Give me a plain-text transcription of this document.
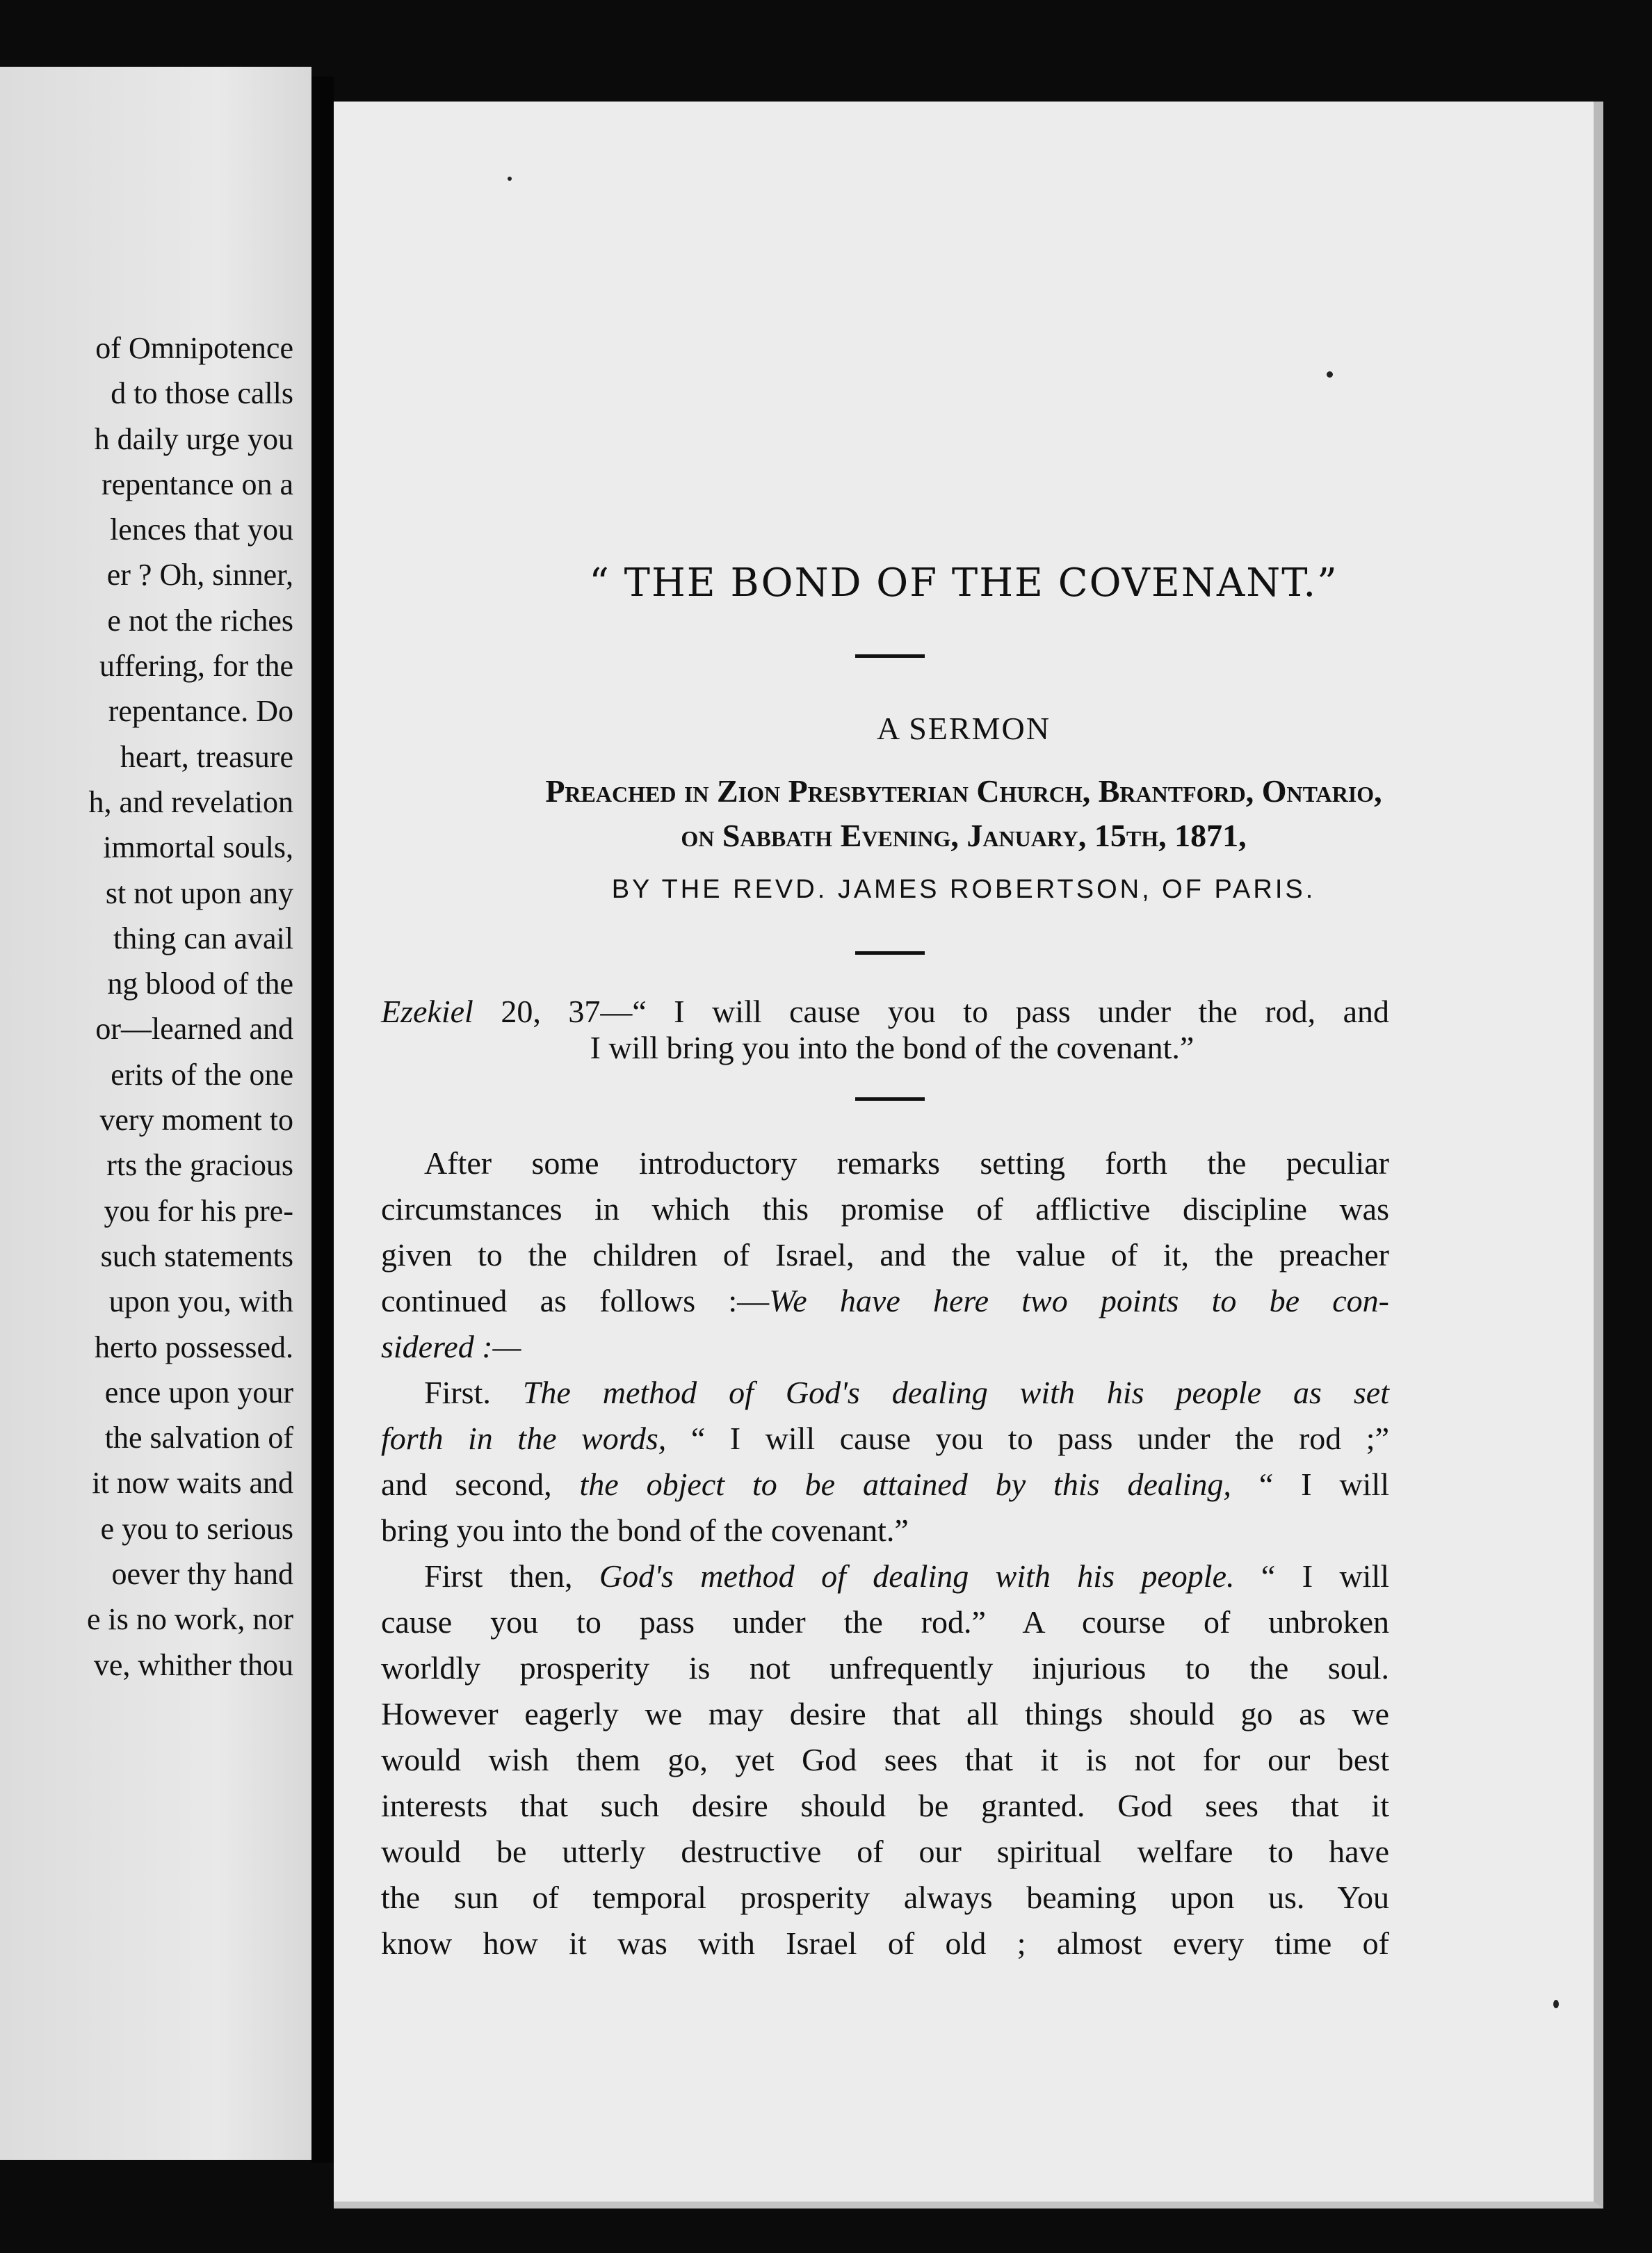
of Omnipotence
d to those calls
h daily urge you
repentance on a
lences that you
er ? Oh, sinner,
e not the riches
uffering, for the
repentance. Do
heart, treasure
h, and revelation
immortal souls,
st not upon any
thing can avail
ng blood of the
or—learned and
erits of the one
very moment to
rts the gracious
you for his pre-
such statements
upon you, with
herto possessed.
ence upon your
the salvation of
it now waits and
e you to serious
oever thy hand
e is no work, nor
ve, whither thou
“ THE BOND OF THE COVENANT.”
A SERMON
Preached in Zion Presbyterian Church, Brantford, Ontario,
on Sabbath Evening, January, 15th, 1871,
BY THE REVD. JAMES ROBERTSON, OF PARIS.
Ezekiel 20, 37—“ I will cause you to pass under the rod, and
I will bring you into the bond of the covenant.”
After some introductory remarks setting forth the peculiar
circumstances in which this promise of afflictive discipline was
given to the children of Israel, and the value of it, the preacher
continued as follows :—We have here two points to be con-
sidered :—
First. The method of God's dealing with his people as set
forth in the words, “ I will cause you to pass under the rod ;”
and second, the object to be attained by this dealing, “ I will
bring you into the bond of the covenant.”
First then, God's method of dealing with his people. “ I will
cause you to pass under the rod.” A course of unbroken
worldly prosperity is not unfrequently injurious to the soul.
However eagerly we may desire that all things should go as we
would wish them go, yet God sees that it is not for our best
interests that such desire should be granted. God sees that it
would be utterly destructive of our spiritual welfare to have
the sun of temporal prosperity always beaming upon us. You
know how it was with Israel of old ; almost every time of
